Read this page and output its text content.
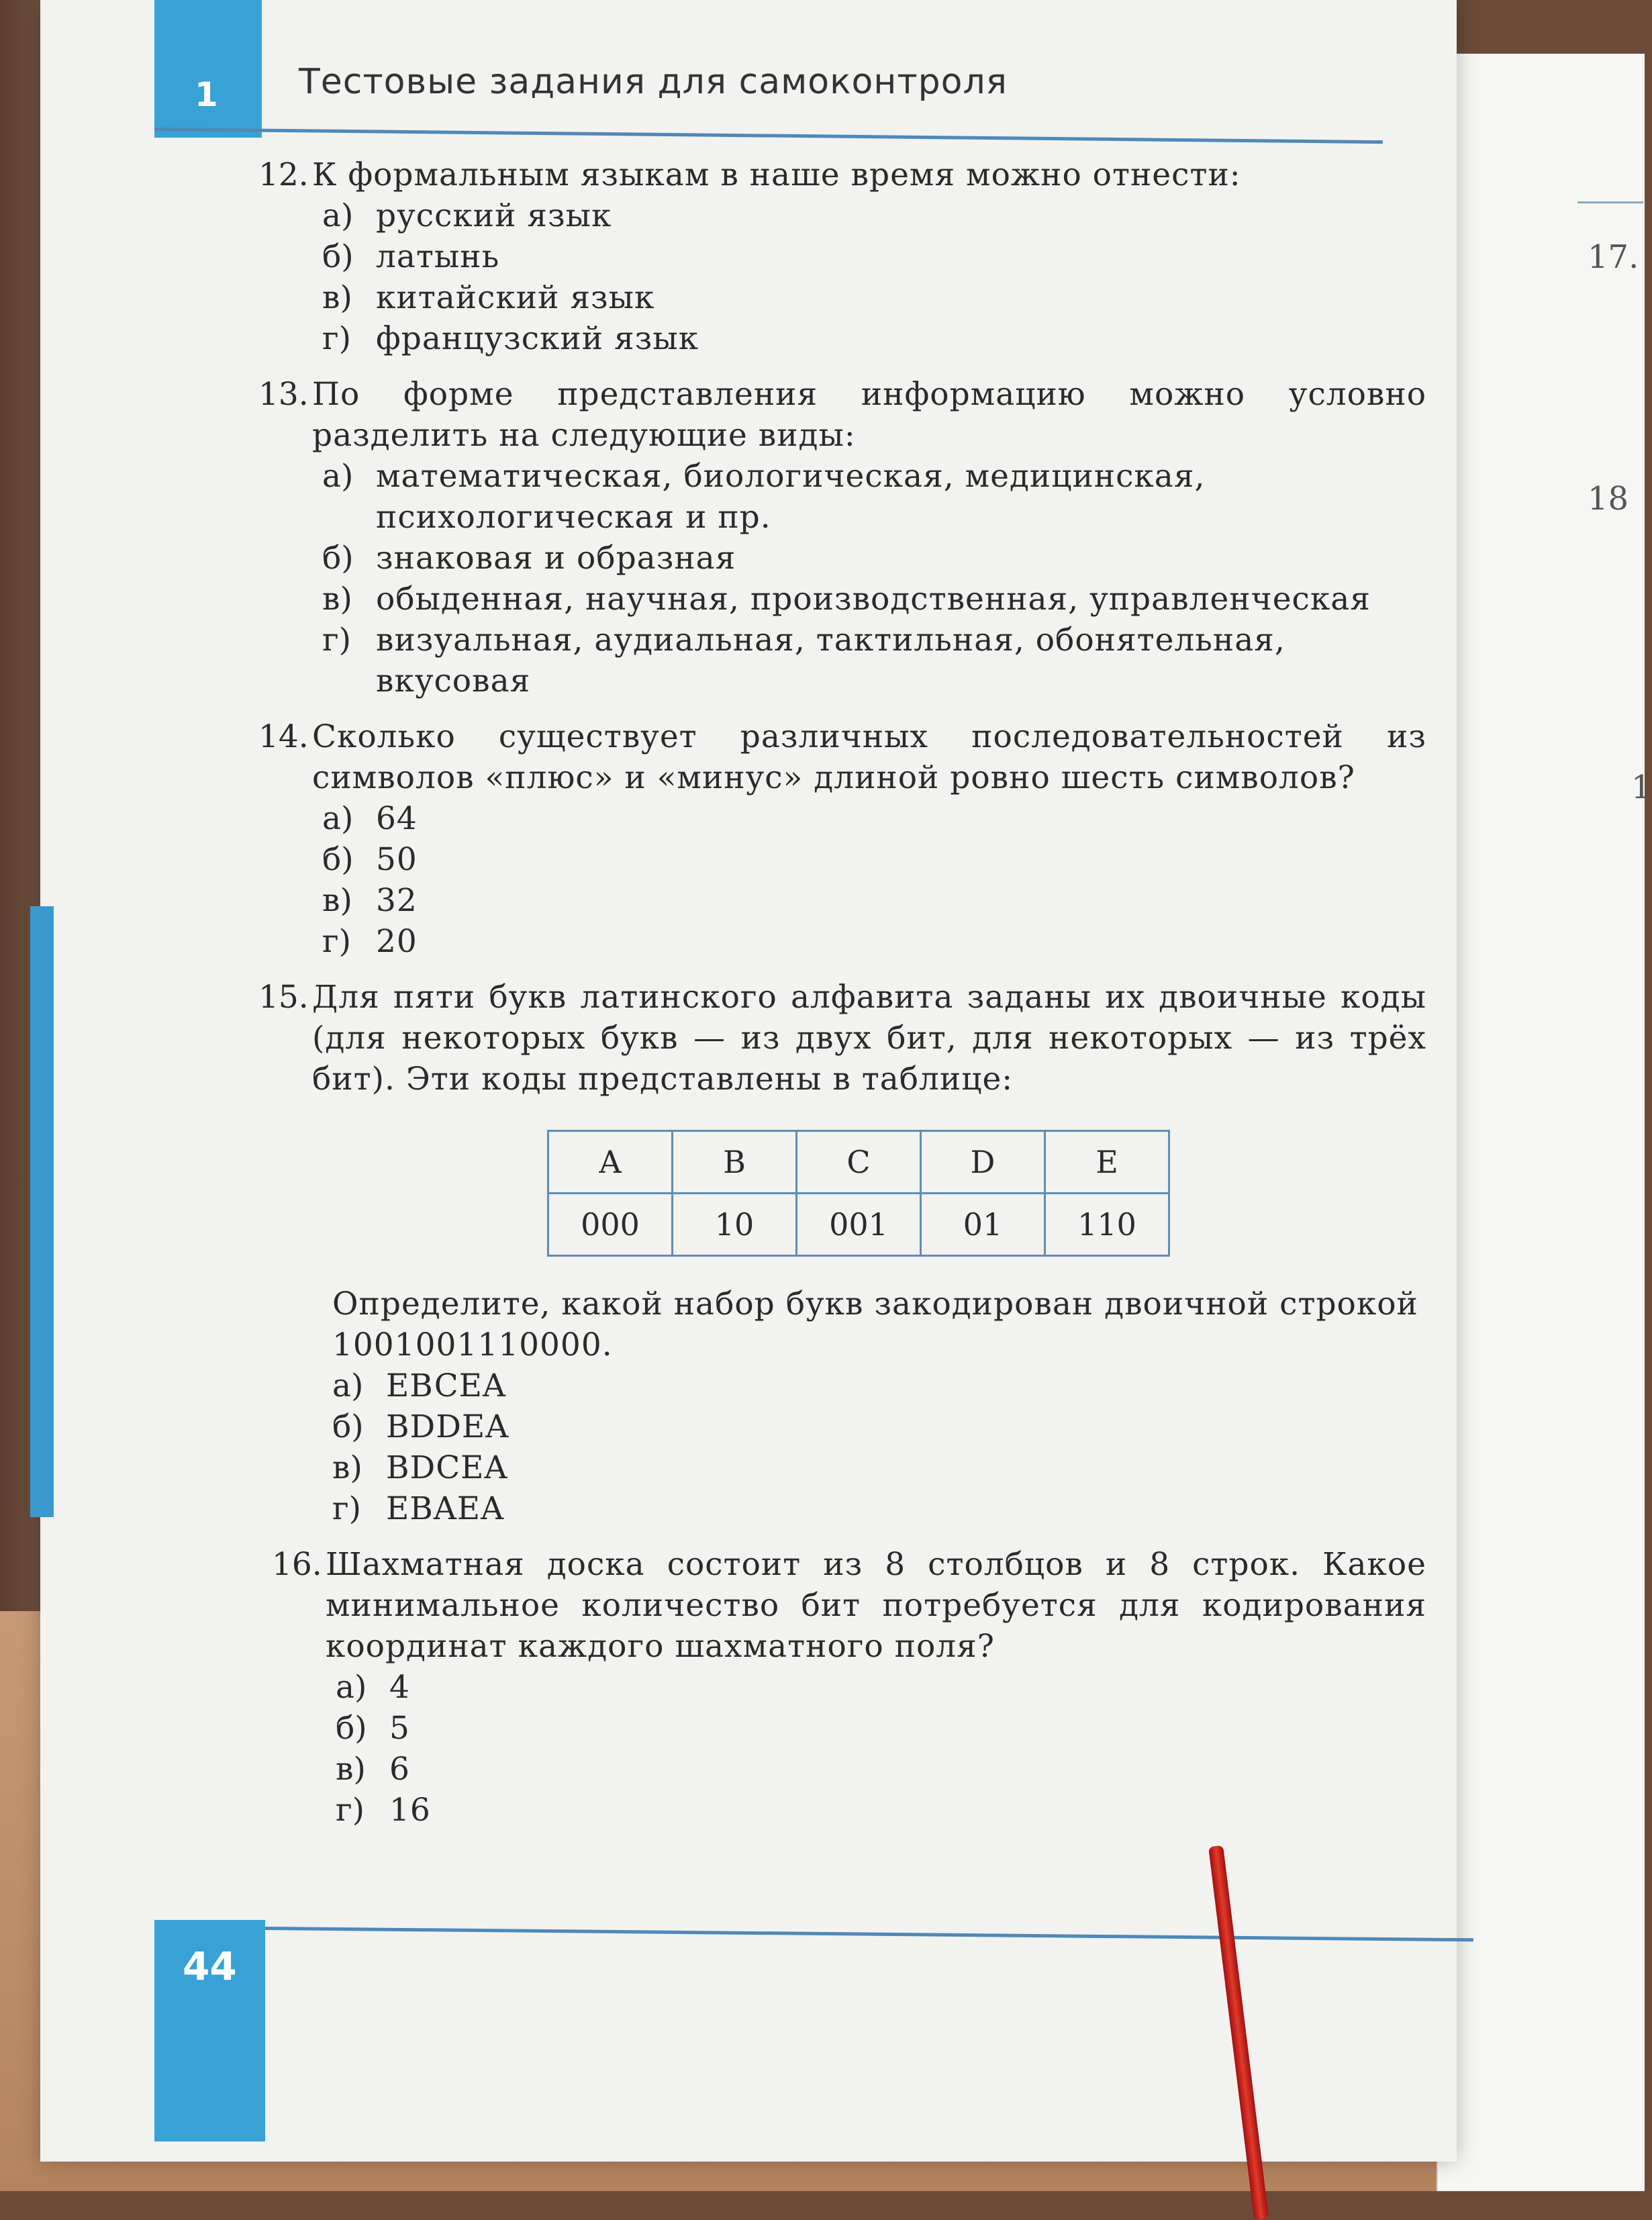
17.
18
1
1 Тестовые задания для самоконтроля
12. К формальным языкам в наше время можно отнести:
а) русский язык
б) латынь
в) китайский язык
г) французский язык
13. По форме представления информацию можно условно разделить на следующие виды:
а) математическая, биологическая, медицинская, психологическая и пр.
б) знаковая и образная
в) обыденная, научная, производственная, управленческая
г) визуальная, аудиальная, тактильная, обонятельная, вкусовая
14. Сколько существует различных последовательностей из символов «плюс» и «минус» длиной ровно шесть символов?
а) 64
б) 50
в) 32
г) 20
15. Для пяти букв латинского алфавита заданы их двоичные коды (для некоторых букв — из двух бит, для некоторых — из трёх бит). Эти коды представлены в таблице:
A	B	C	D	E
000	10	001	01	110
Определите, какой набор букв закодирован двоичной строкой 1001001110000.
а) EBCEA
б) BDDEA
в) BDCEA
г) EBAEA
16. Шахматная доска состоит из 8 столбцов и 8 строк. Какое минимальное количество бит потребуется для кодирования координат каждого шахматного поля?
а) 4
б) 5
в) 6
г) 16
44
